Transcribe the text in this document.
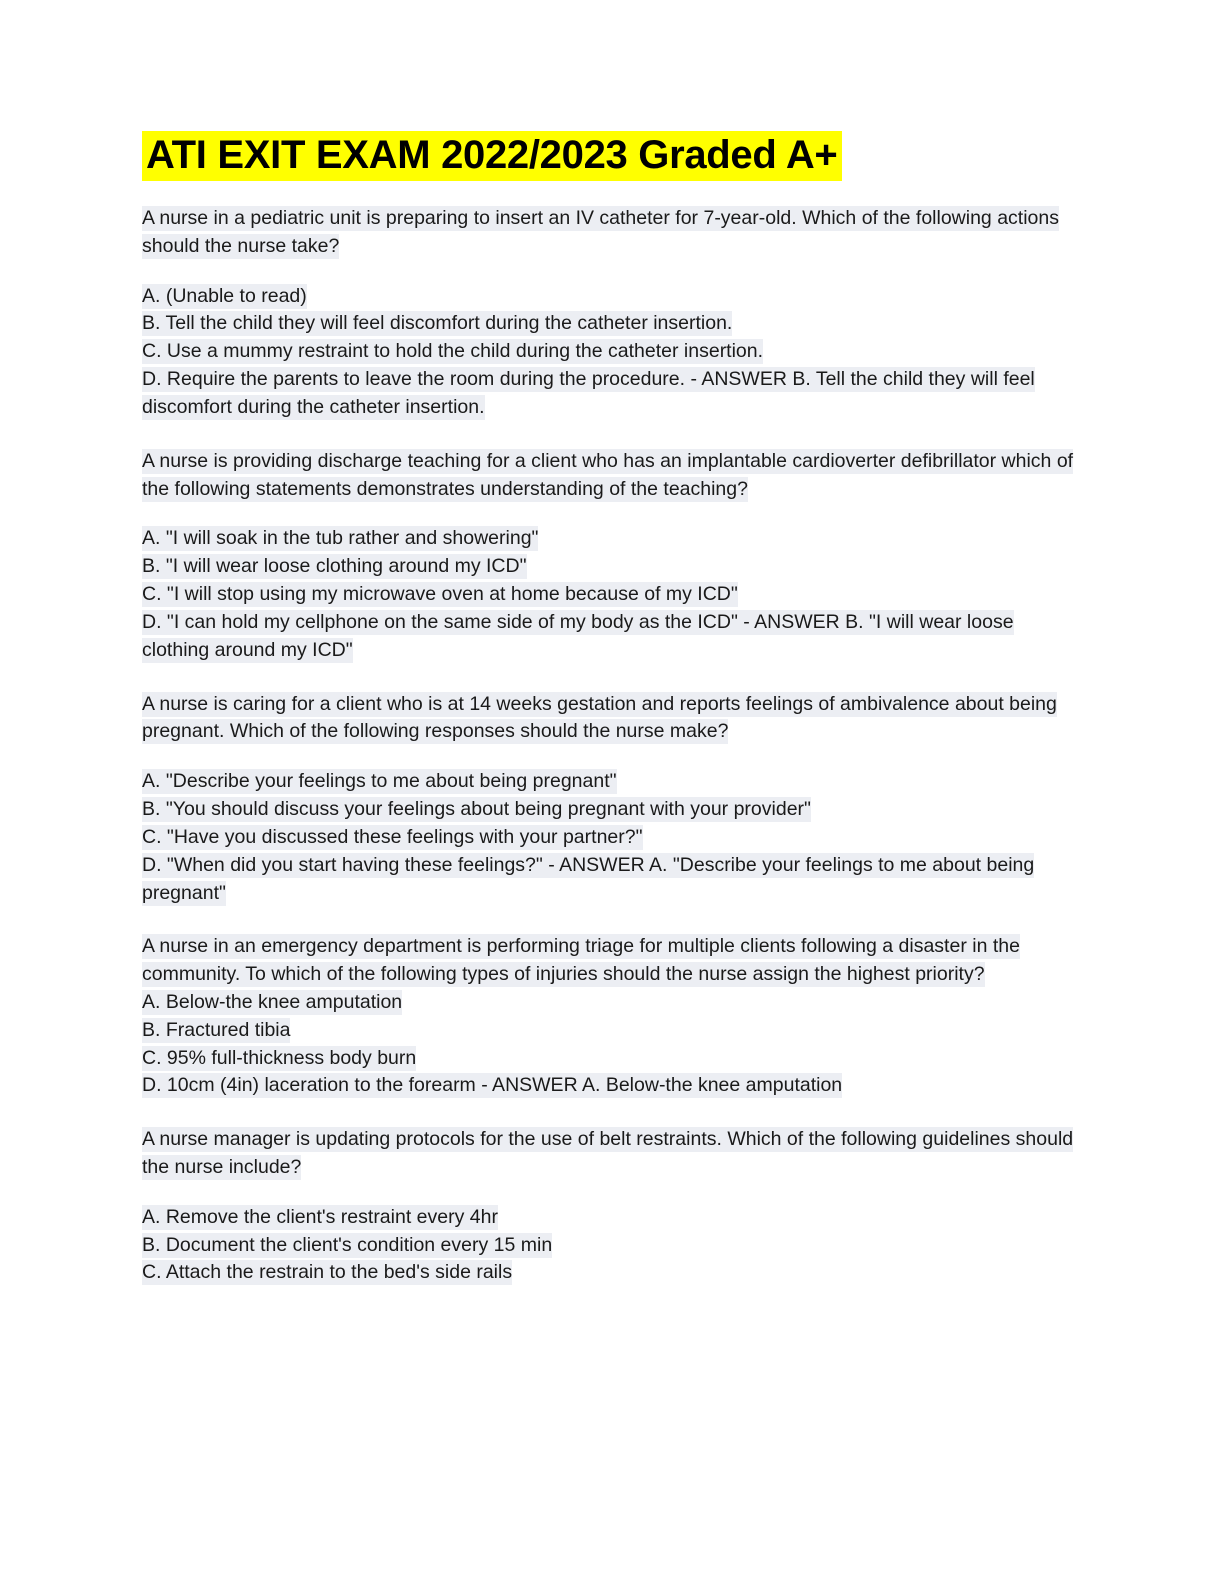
ATI EXIT EXAM 2022/2023 Graded A+

A nurse in a pediatric unit is preparing to insert an IV catheter for 7-year-old. Which of the following actions should the nurse take?

A. (Unable to read)

B. Tell the child they will feel discomfort during the catheter insertion.

C. Use a mummy restraint to hold the child during the catheter insertion.

D. Require the parents to leave the room during the procedure. - ANSWER B. Tell the child they will feel discomfort during the catheter insertion.

A nurse is providing discharge teaching for a client who has an implantable cardioverter defibrillator which of the following statements demonstrates understanding of the teaching?

A. "I will soak in the tub rather and showering"

B. "I will wear loose clothing around my ICD"

C. "I will stop using my microwave oven at home because of my ICD"

D. "I can hold my cellphone on the same side of my body as the ICD" - ANSWER B. "I will wear loose clothing around my ICD"

A nurse is caring for a client who is at 14 weeks gestation and reports feelings of ambivalence about being pregnant. Which of the following responses should the nurse make?

A. "Describe your feelings to me about being pregnant"

B. "You should discuss your feelings about being pregnant with your provider"

C. "Have you discussed these feelings with your partner?"

D. "When did you start having these feelings?" - ANSWER A. "Describe your feelings to me about being pregnant"

A nurse in an emergency department is performing triage for multiple clients following a disaster in the community. To which of the following types of injuries should the nurse assign the highest priority?

A. Below-the knee amputation

B. Fractured tibia

C. 95% full-thickness body burn

D. 10cm (4in) laceration to the forearm - ANSWER A. Below-the knee amputation

A nurse manager is updating protocols for the use of belt restraints. Which of the following guidelines should the nurse include?

A. Remove the client's restraint every 4hr

B. Document the client's condition every 15 min

C. Attach the restrain to the bed's side rails
